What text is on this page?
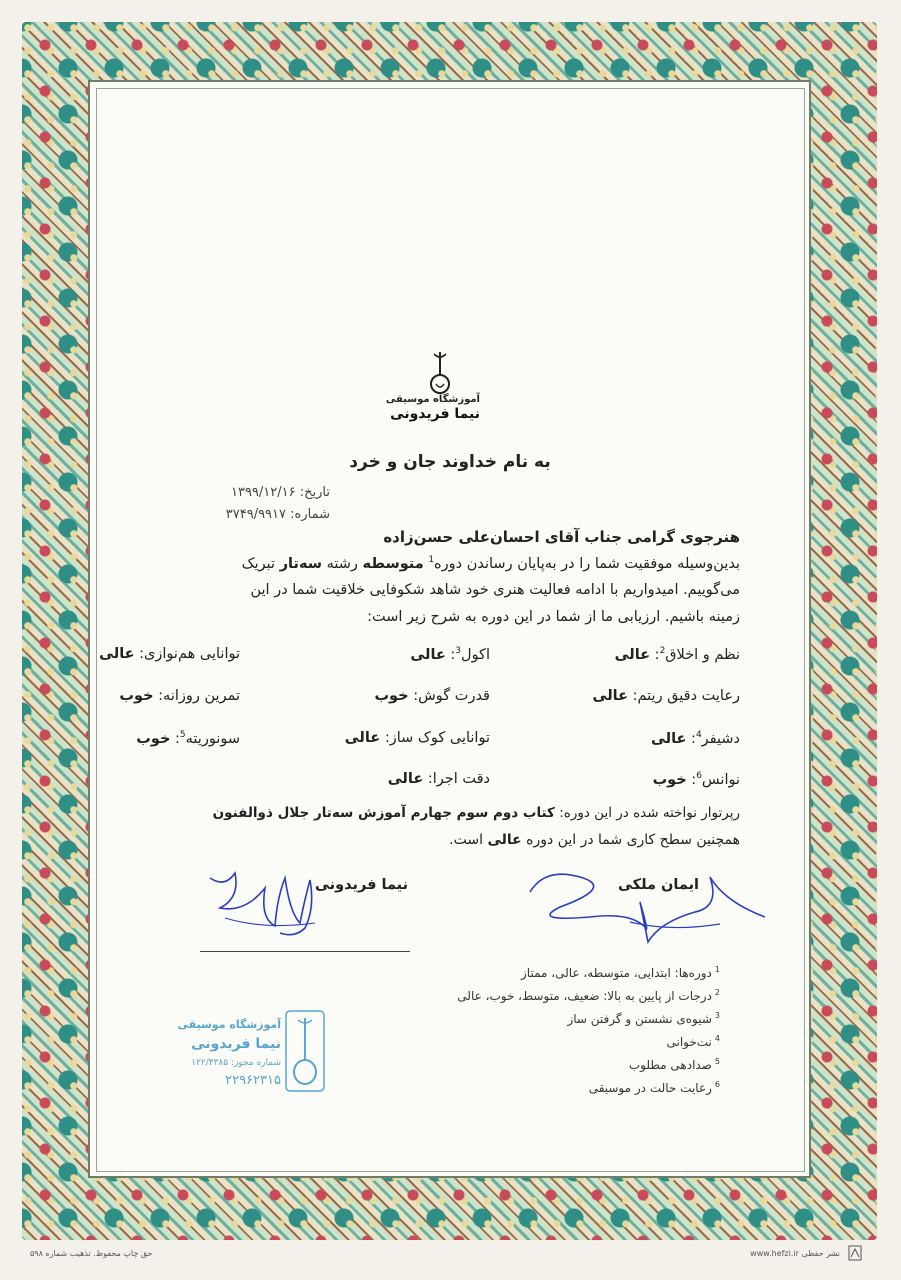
آموزشگاه موسیقی
نیما فریدونی
به نام خداوند جان و خرد
تاریخ: ۱۳۹۹/۱۲/۱۶
شماره: ۳۷۴۹/۹۹۱۷
هنرجوی گرامی جناب آقای احسان‌علی حسن‌زاده
بدین‌وسیله موفقیت شما را در به‌پایان رساندن دوره$^1$ متوسطه رشته سه‌تار تبریک
می‌گوییم. امیدواریم با ادامه فعالیت هنری خود شاهد شکوفایی خلاقیت شما در این
زمینه باشیم. ارزیابی ما از شما در این دوره به شرح زیر است:
نظم و اخلاق$^2$: عالی
اکول$^3$: عالی
توانایی هم‌نوازی: عالی
رعایت دقیق ریتم: عالی
قدرت گوش: خوب
تمرین روزانه: خوب
دشیفر$^4$: عالی
توانایی کوک ساز: عالی
سونوریته$^5$: خوب
نوانس$^6$: خوب
دقت اجرا: عالی
رپرتوار نواخته شده در این دوره: کتاب دوم سوم جهارم آموزش سه‌تار جلال ذوالفنون
همچنین سطح کاری شما در این دوره عالی است.
ایمان ملکی
نیما فریدونی
$^1$دوره‌ها: ابتدایی، متوسطه، عالی، ممتاز
$^2$درجات از پایین به بالا: ضعیف، متوسط، خوب، عالی
$^3$شیوه‌ی نشستن و گرفتن ساز
$^4$نت‌خوانی
$^5$صدادهی مطلوب
$^6$رعایت حالت در موسیقی
آموزشگاه موسیقی
نیما فریدونی
شماره مجوز: ۱۲۲/۴۳۸۵
۲۲۹۶۲۳۱۵
حق چاپ محفوظ. تذهیب شماره ۵۹۸	نشر حفظی www.hefzi.ir
